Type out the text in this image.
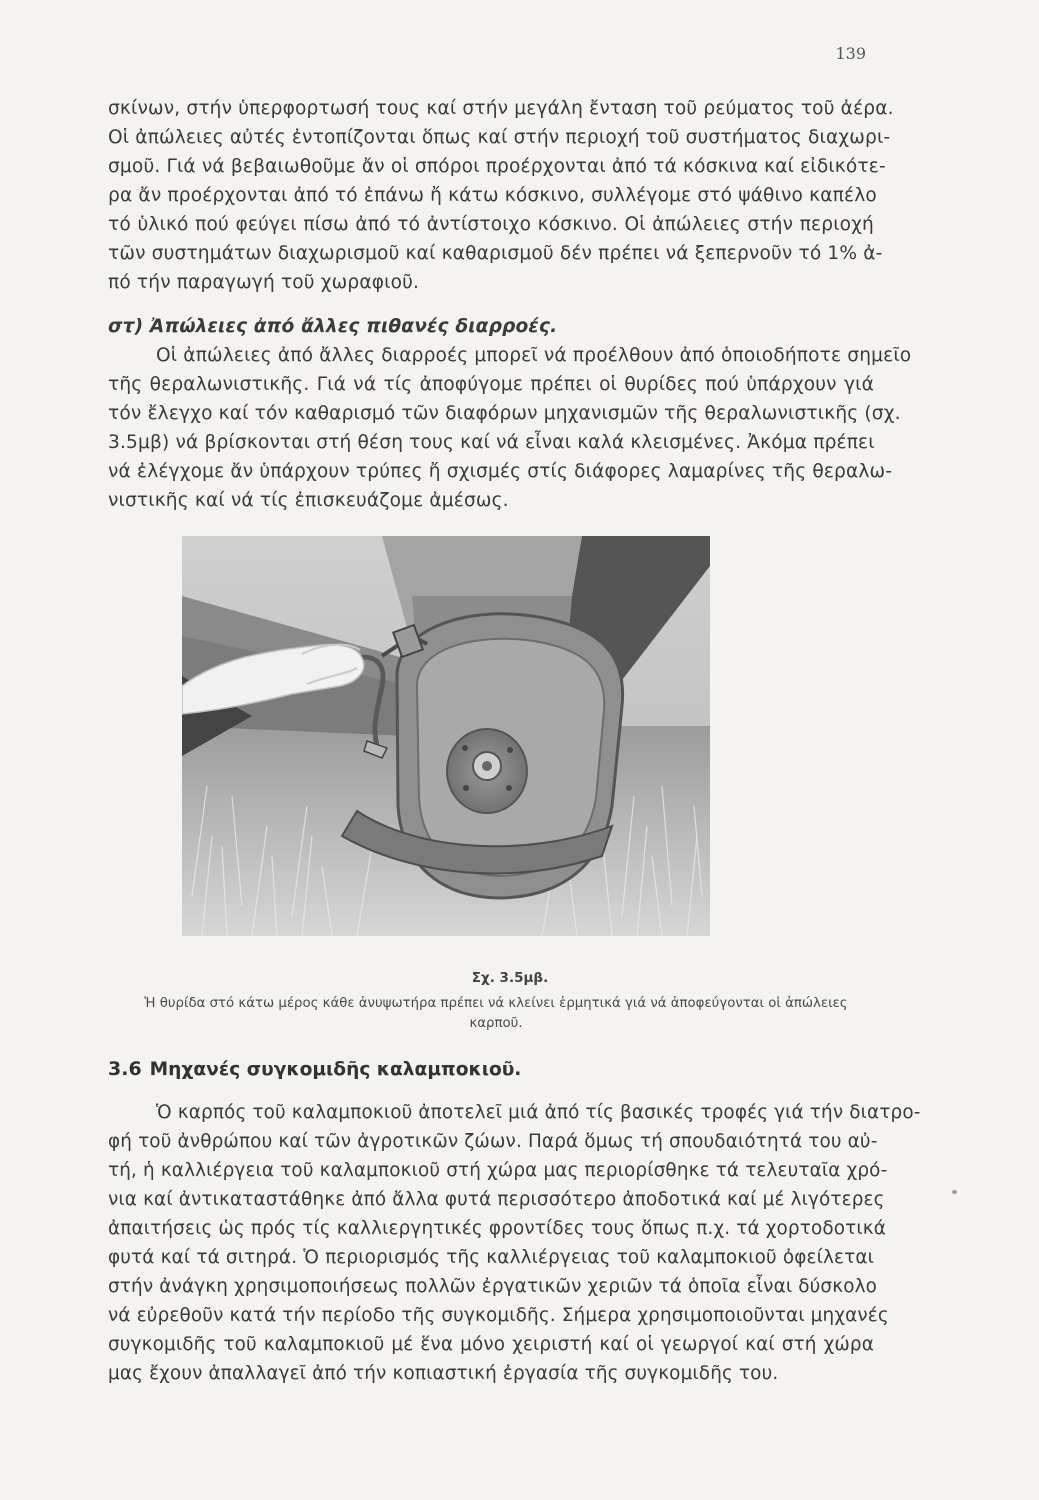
139
σκίνων, στήν ὑπερφορτωσή τους καί στήν μεγάλη ἔνταση τοῦ ρεύματος τοῦ ἀέρα.
Οἱ ἀπώλειες αὐτές ἐντοπίζονται ὅπως καί στήν περιοχή τοῦ συστήματος διαχωρι-
σμοῦ. Γιά νά βεβαιωθοῦμε ἄν οἱ σπόροι προέρχονται ἀπό τά κόσκινα καί εἰδικότε-
ρα ἄν προέρχονται ἀπό τό ἐπάνω ἤ κάτω κόσκινο, συλλέγομε στό ψάθινο καπέλο
τό ὑλικό πού φεύγει πίσω ἀπό τό ἀντίστοιχο κόσκινο. Οἱ ἀπώλειες στήν περιοχή
τῶν συστημάτων διαχωρισμοῦ καί καθαρισμοῦ δέν πρέπει νά ξεπερνοῦν τό 1% ἀ-
πό τήν παραγωγή τοῦ χωραφιοῦ.
στ) Ἀπώλειες ἀπό ἄλλες πιθανές διαρροές.
Οἱ ἀπώλειες ἀπό ἄλλες διαρροές μπορεῖ νά προέλθουν ἀπό ὁποιοδήποτε σημεῖο
τῆς θεραλωνιστικῆς. Γιά νά τίς ἀποφύγομε πρέπει οἱ θυρίδες πού ὑπάρχουν γιά
τόν ἔλεγχο καί τόν καθαρισμό τῶν διαφόρων μηχανισμῶν τῆς θεραλωνιστικῆς (σχ.
3.5μβ) νά βρίσκονται στή θέση τους καί νά εἶναι καλά κλεισμένες. Ἀκόμα πρέπει
νά ἐλέγχομε ἄν ὑπάρχουν τρύπες ἤ σχισμές στίς διάφορες λαμαρίνες τῆς θεραλω-
νιστικῆς καί νά τίς ἐπισκευάζομε ἀμέσως.
Σχ. 3.5μβ.
Ἡ θυρίδα στό κάτω μέρος κάθε ἀνυψωτήρα πρέπει νά κλείνει ἑρμητικά γιά νά ἀποφεύγονται οἱ ἀπώλειες καρποῦ.
3.6 Μηχανές συγκομιδῆς καλαμποκιοῦ.
Ὁ καρπός τοῦ καλαμποκιοῦ ἀποτελεῖ μιά ἀπό τίς βασικές τροφές γιά τήν διατρο-
φή τοῦ ἀνθρώπου καί τῶν ἀγροτικῶν ζώων. Παρά ὅμως τή σπουδαιότητά του αὐ-
τή, ἡ καλλιέργεια τοῦ καλαμποκιοῦ στή χώρα μας περιορίσθηκε τά τελευταῖα χρό-
νια καί ἀντικαταστάθηκε ἀπό ἄλλα φυτά περισσότερο ἀποδοτικά καί μέ λιγότερες
ἀπαιτήσεις ὡς πρός τίς καλλιεργητικές φροντίδες τους ὅπως π.χ. τά χορτοδοτικά
φυτά καί τά σιτηρά. Ὁ περιορισμός τῆς καλλιέργειας τοῦ καλαμποκιοῦ ὀφείλεται
στήν ἀνάγκη χρησιμοποιήσεως πολλῶν ἐργατικῶν χεριῶν τά ὁποῖα εἶναι δύσκολο
νά εὐρεθοῦν κατά τήν περίοδο τῆς συγκομιδῆς. Σήμερα χρησιμοποιοῦνται μηχανές
συγκομιδῆς τοῦ καλαμποκιοῦ μέ ἕνα μόνο χειριστή καί οἱ γεωργοί καί στή χώρα
μας ἔχουν ἀπαλλαγεῖ ἀπό τήν κοπιαστική ἐργασία τῆς συγκομιδῆς του.
